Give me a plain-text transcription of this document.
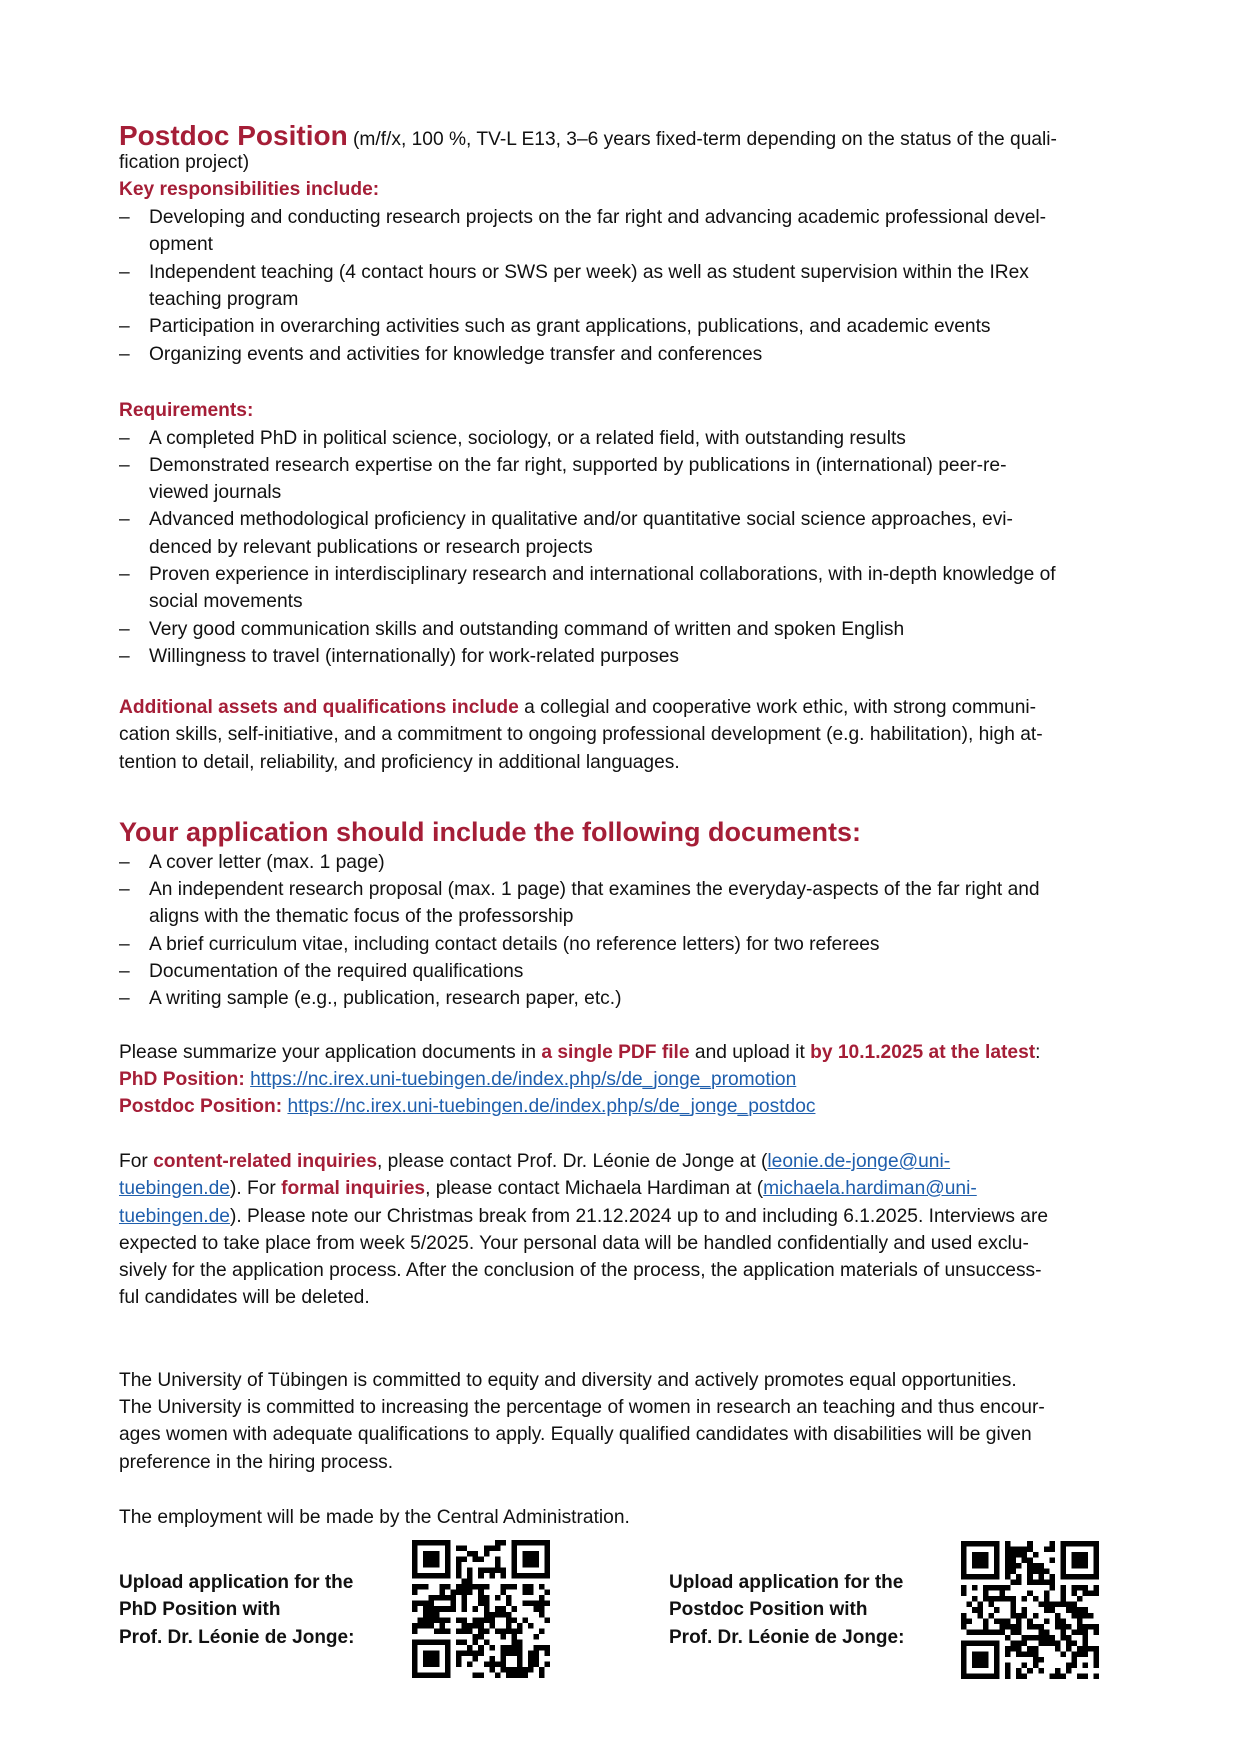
Postdoc Position (m/f/x, 100 %, TV-L E13, 3–6 years fixed-term depending on the status of the quali-
fication project)
Key responsibilities include:
– Developing and conducting research projects on the far right and advancing academic professional devel-
opment
– Independent teaching (4 contact hours or SWS per week) as well as student supervision within the IRex
teaching program
– Participation in overarching activities such as grant applications, publications, and academic events
– Organizing events and activities for knowledge transfer and conferences
Requirements:
– A completed PhD in political science, sociology, or a related field, with outstanding results
– Demonstrated research expertise on the far right, supported by publications in (international) peer-re-
viewed journals
– Advanced methodological proficiency in qualitative and/or quantitative social science approaches, evi-
denced by relevant publications or research projects
– Proven experience in interdisciplinary research and international collaborations, with in-depth knowledge of
social movements
– Very good communication skills and outstanding command of written and spoken English
– Willingness to travel (internationally) for work-related purposes
Additional assets and qualifications include a collegial and cooperative work ethic, with strong communi-
cation skills, self-initiative, and a commitment to ongoing professional development (e.g. habilitation), high at-
tention to detail, reliability, and proficiency in additional languages.
Your application should include the following documents:
– A cover letter (max. 1 page)
– An independent research proposal (max. 1 page) that examines the everyday-aspects of the far right and
aligns with the thematic focus of the professorship
– A brief curriculum vitae, including contact details (no reference letters) for two referees
– Documentation of the required qualifications
– A writing sample (e.g., publication, research paper, etc.)
Please summarize your application documents in a single PDF file and upload it by 10.1.2025 at the latest:
PhD Position: https://nc.irex.uni-tuebingen.de/index.php/s/de_jonge_promotion
Postdoc Position: https://nc.irex.uni-tuebingen.de/index.php/s/de_jonge_postdoc
For content-related inquiries, please contact Prof. Dr. Léonie de Jonge at (leonie.de-jonge@uni-
tuebingen.de). For formal inquiries, please contact Michaela Hardiman at (michaela.hardiman@uni-
tuebingen.de). Please note our Christmas break from 21.12.2024 up to and including 6.1.2025. Interviews are
expected to take place from week 5/2025. Your personal data will be handled confidentially and used exclu-
sively for the application process. After the conclusion of the process, the application materials of unsuccess-
ful candidates will be deleted.
The University of Tübingen is committed to equity and diversity and actively promotes equal opportunities.
The University is committed to increasing the percentage of women in research an teaching and thus encour-
ages women with adequate qualifications to apply. Equally qualified candidates with disabilities will be given
preference in the hiring process.
The employment will be made by the Central Administration.
Upload application for the
PhD Position with
Prof. Dr. Léonie de Jonge:
Upload application for the
Postdoc Position with
Prof. Dr. Léonie de Jonge:
